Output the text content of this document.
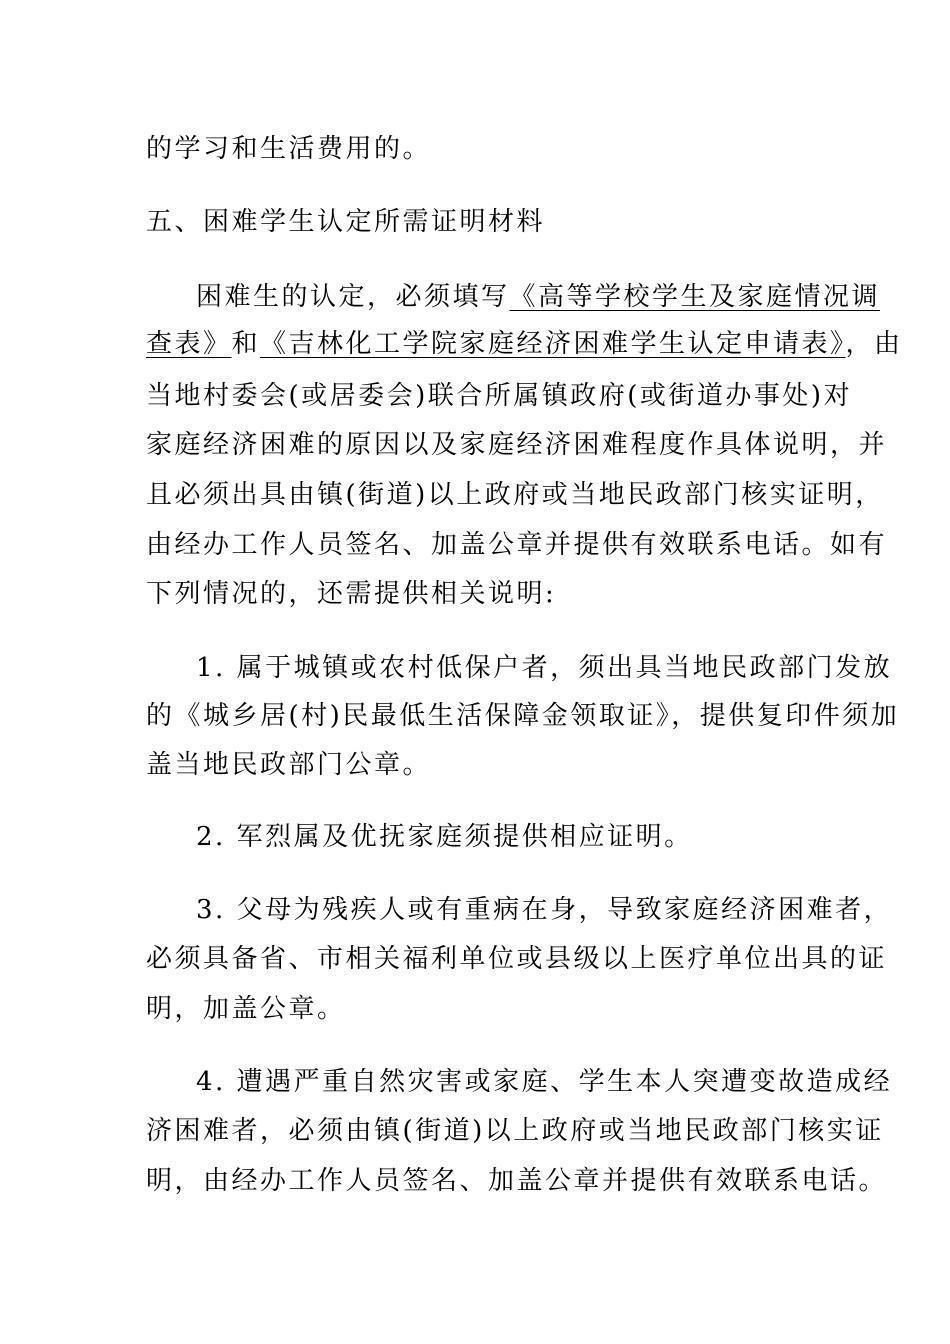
的学习和生活费用的。
五、困难学生认定所需证明材料
困难生的认定，必须填写《高等学校学生及家庭情况调
查表》和《吉林化工学院家庭经济困难学生认定申请表》，由
当地村委会(或居委会)联合所属镇政府(或街道办事处)对
家庭经济困难的原因以及家庭经济困难程度作具体说明，并
且必须出具由镇(街道)以上政府或当地民政部门核实证明，
由经办工作人员签名、加盖公章并提供有效联系电话。如有
下列情况的，还需提供相关说明:
1. 属于城镇或农村低保户者，须出具当地民政部门发放
的《城乡居(村)民最低生活保障金领取证》，提供复印件须加
盖当地民政部门公章。
2. 军烈属及优抚家庭须提供相应证明。
3. 父母为残疾人或有重病在身，导致家庭经济困难者，
必须具备省、市相关福利单位或县级以上医疗单位出具的证
明，加盖公章。
4. 遭遇严重自然灾害或家庭、学生本人突遭变故造成经
济困难者，必须由镇(街道)以上政府或当地民政部门核实证
明，由经办工作人员签名、加盖公章并提供有效联系电话。
